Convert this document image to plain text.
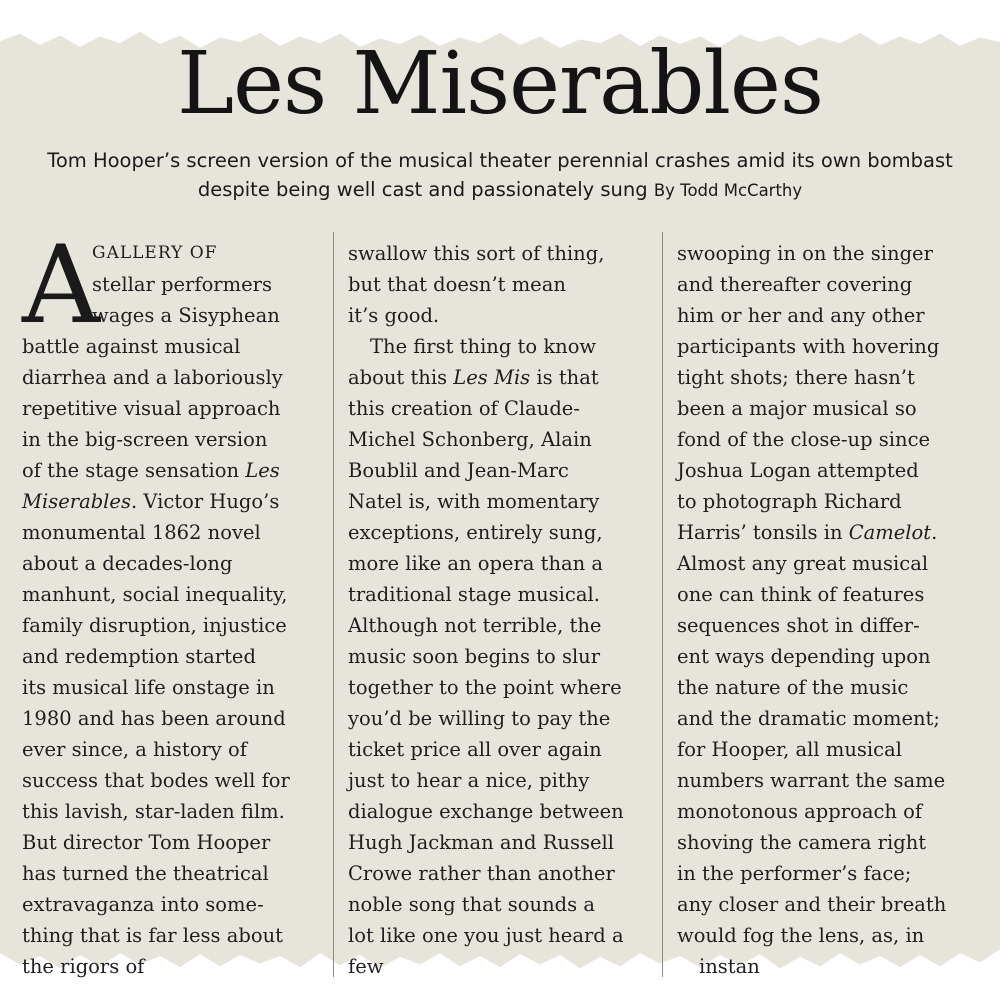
Les Miserables
Tom Hooper’s screen version of the musical theater perennial crashes amid its own bombast despite being well cast and passionately sung By Todd McCarthy
A

GALLERY OF

stellar performers

wages a Sisyphean

battle against musical

diarrhea and a laboriously

repetitive visual approach

in the big-screen version

of the stage sensation Les

Miserables. Victor Hugo’s

monumental 1862 novel

about a decades-long

manhunt, social inequality,

family disruption, injustice

and redemption started

its musical life onstage in

1980 and has been around

ever since, a history of

success that bodes well for

this lavish, star-laden film.

But director Tom Hooper

has turned the theatrical

extravaganza into some-

thing that is far less about

the rigors of

swallow this sort of thing,

but that doesn’t mean

it’s good.

The first thing to know

about this Les Mis is that

this creation of Claude-

Michel Schonberg, Alain

Boublil and Jean-Marc

Natel is, with momentary

exceptions, entirely sung,

more like an opera than a

traditional stage musical.

Although not terrible, the

music soon begins to slur

together to the point where

you’d be willing to pay the

ticket price all over again

just to hear a nice, pithy

dialogue exchange between

Hugh Jackman and Russell

Crowe rather than another

noble song that sounds a

lot like one you just heard a

few

swooping in on the singer

and thereafter covering

him or her and any other

participants with hovering

tight shots; there hasn’t

been a major musical so

fond of the close-up since

Joshua Logan attempted

to photograph Richard

Harris’ tonsils in Camelot.

Almost any great musical

one can think of features

sequences shot in differ-

ent ways depending upon

the nature of the music

and the dramatic moment;

for Hooper, all musical

numbers warrant the same

monotonous approach of

shoving the camera right

in the performer’s face;

any closer and their breath

would fog the lens, as, in

instan
